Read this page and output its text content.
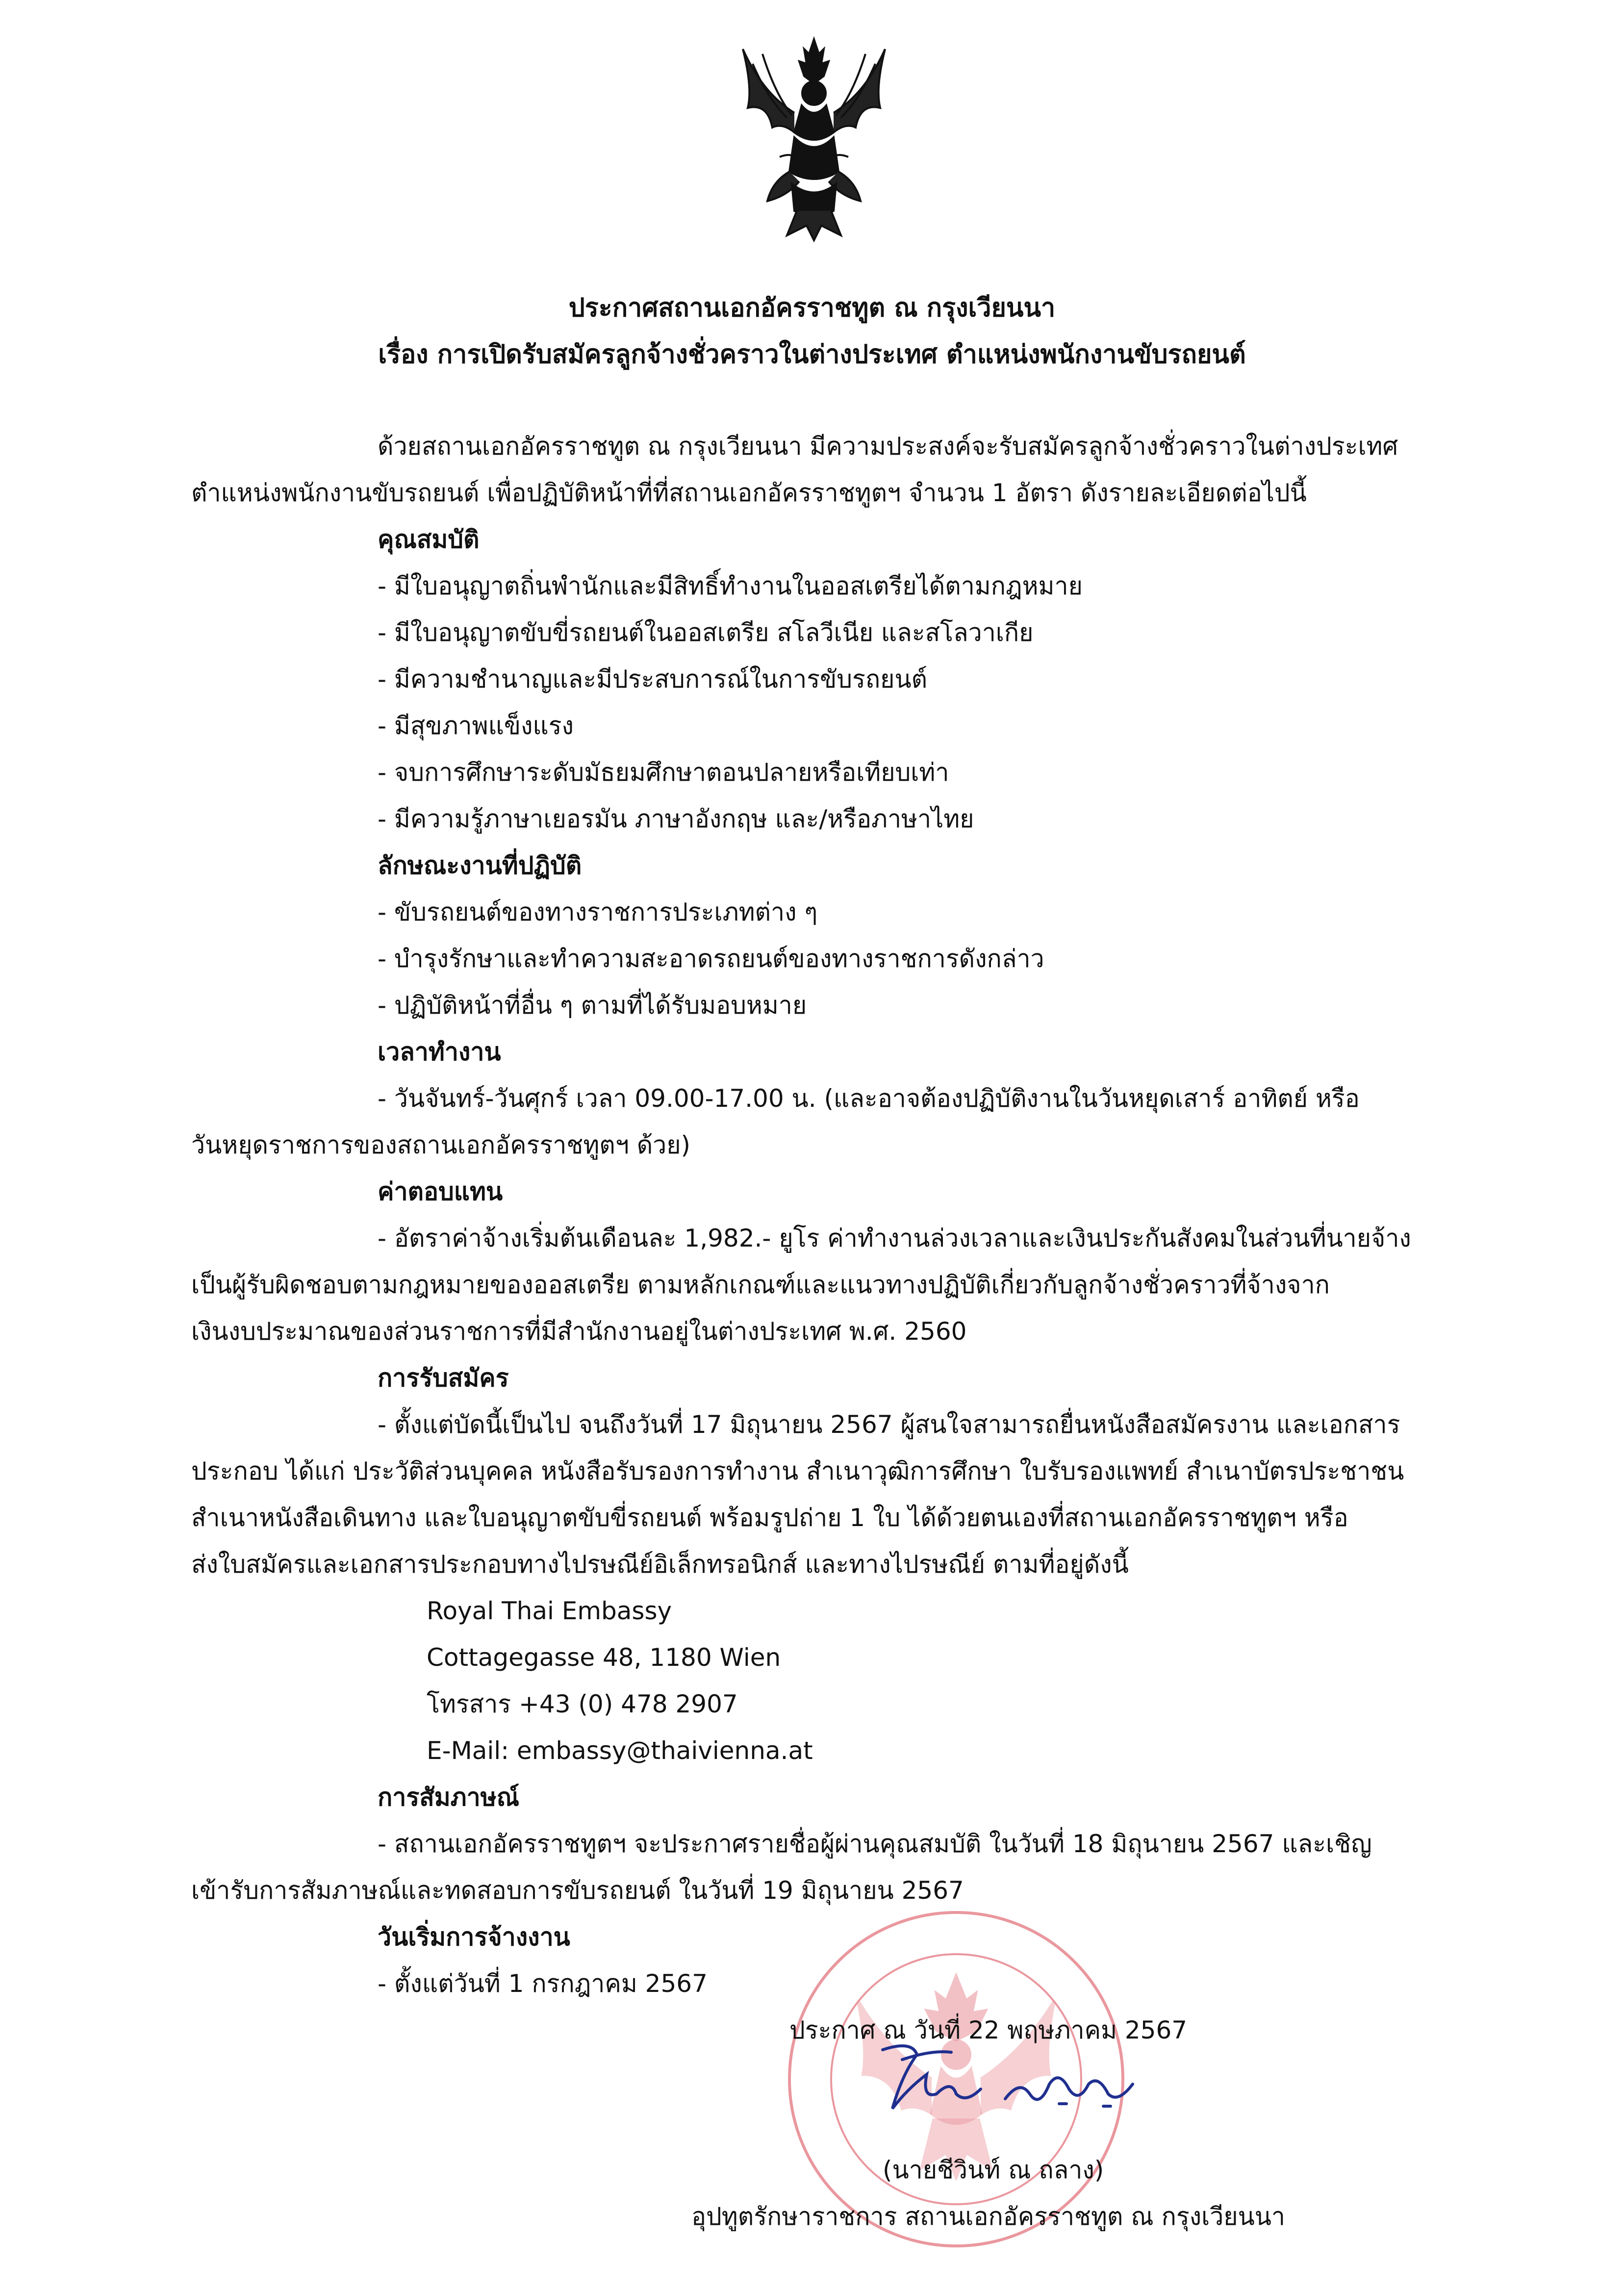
ประกาศสถานเอกอัครราชทูต ณ กรุงเวียนนา
เรื่อง การเปิดรับสมัครลูกจ้างชั่วคราวในต่างประเทศ ตำแหน่งพนักงานขับรถยนต์
ด้วยสถานเอกอัครราชทูต ณ กรุงเวียนนา มีความประสงค์จะรับสมัครลูกจ้างชั่วคราวในต่างประเทศ
ตำแหน่งพนักงานขับรถยนต์ เพื่อปฏิบัติหน้าที่ที่สถานเอกอัครราชทูตฯ จำนวน 1 อัตรา ดังรายละเอียดต่อไปนี้
คุณสมบัติ
- มีใบอนุญาตถิ่นพำนักและมีสิทธิ์ทำงานในออสเตรียได้ตามกฎหมาย
- มีใบอนุญาตขับขี่รถยนต์ในออสเตรีย สโลวีเนีย และสโลวาเกีย
- มีความชำนาญและมีประสบการณ์ในการขับรถยนต์
- มีสุขภาพแข็งแรง
- จบการศึกษาระดับมัธยมศึกษาตอนปลายหรือเทียบเท่า
- มีความรู้ภาษาเยอรมัน ภาษาอังกฤษ และ/หรือภาษาไทย
ลักษณะงานที่ปฏิบัติ
- ขับรถยนต์ของทางราชการประเภทต่าง ๆ
- บำรุงรักษาและทำความสะอาดรถยนต์ของทางราชการดังกล่าว
- ปฏิบัติหน้าที่อื่น ๆ ตามที่ได้รับมอบหมาย
เวลาทำงาน
- วันจันทร์-วันศุกร์ เวลา 09.00-17.00 น. (และอาจต้องปฏิบัติงานในวันหยุดเสาร์ อาทิตย์ หรือ
วันหยุดราชการของสถานเอกอัครราชทูตฯ ด้วย)
ค่าตอบแทน
- อัตราค่าจ้างเริ่มต้นเดือนละ 1,982.- ยูโร ค่าทำงานล่วงเวลาและเงินประกันสังคมในส่วนที่นายจ้าง
เป็นผู้รับผิดชอบตามกฎหมายของออสเตรีย ตามหลักเกณฑ์และแนวทางปฏิบัติเกี่ยวกับลูกจ้างชั่วคราวที่จ้างจาก
เงินงบประมาณของส่วนราชการที่มีสำนักงานอยู่ในต่างประเทศ พ.ศ. 2560
การรับสมัคร
- ตั้งแต่บัดนี้เป็นไป จนถึงวันที่ 17 มิถุนายน 2567 ผู้สนใจสามารถยื่นหนังสือสมัครงาน และเอกสาร
ประกอบ ได้แก่ ประวัติส่วนบุคคล หนังสือรับรองการทำงาน สำเนาวุฒิการศึกษา ใบรับรองแพทย์ สำเนาบัตรประชาชน
สำเนาหนังสือเดินทาง และใบอนุญาตขับขี่รถยนต์ พร้อมรูปถ่าย 1 ใบ ได้ด้วยตนเองที่สถานเอกอัครราชทูตฯ หรือ
ส่งใบสมัครและเอกสารประกอบทางไปรษณีย์อิเล็กทรอนิกส์ และทางไปรษณีย์ ตามที่อยู่ดังนี้
Royal Thai Embassy
Cottagegasse 48, 1180 Wien
โทรสาร +43 (0) 478 2907
E-Mail: embassy@thaivienna.at
การสัมภาษณ์
- สถานเอกอัครราชทูตฯ จะประกาศรายชื่อผู้ผ่านคุณสมบัติ ในวันที่ 18 มิถุนายน 2567 และเชิญ
เข้ารับการสัมภาษณ์และทดสอบการขับรถยนต์ ในวันที่ 19 มิถุนายน 2567
วันเริ่มการจ้างงาน
- ตั้งแต่วันที่ 1 กรกฎาคม 2567
ประกาศ ณ วันที่ 22 พฤษภาคม 2567
(นายชีวินท์ ณ ถลาง)
อุปทูตรักษาราชการ สถานเอกอัครราชทูต ณ กรุงเวียนนา
